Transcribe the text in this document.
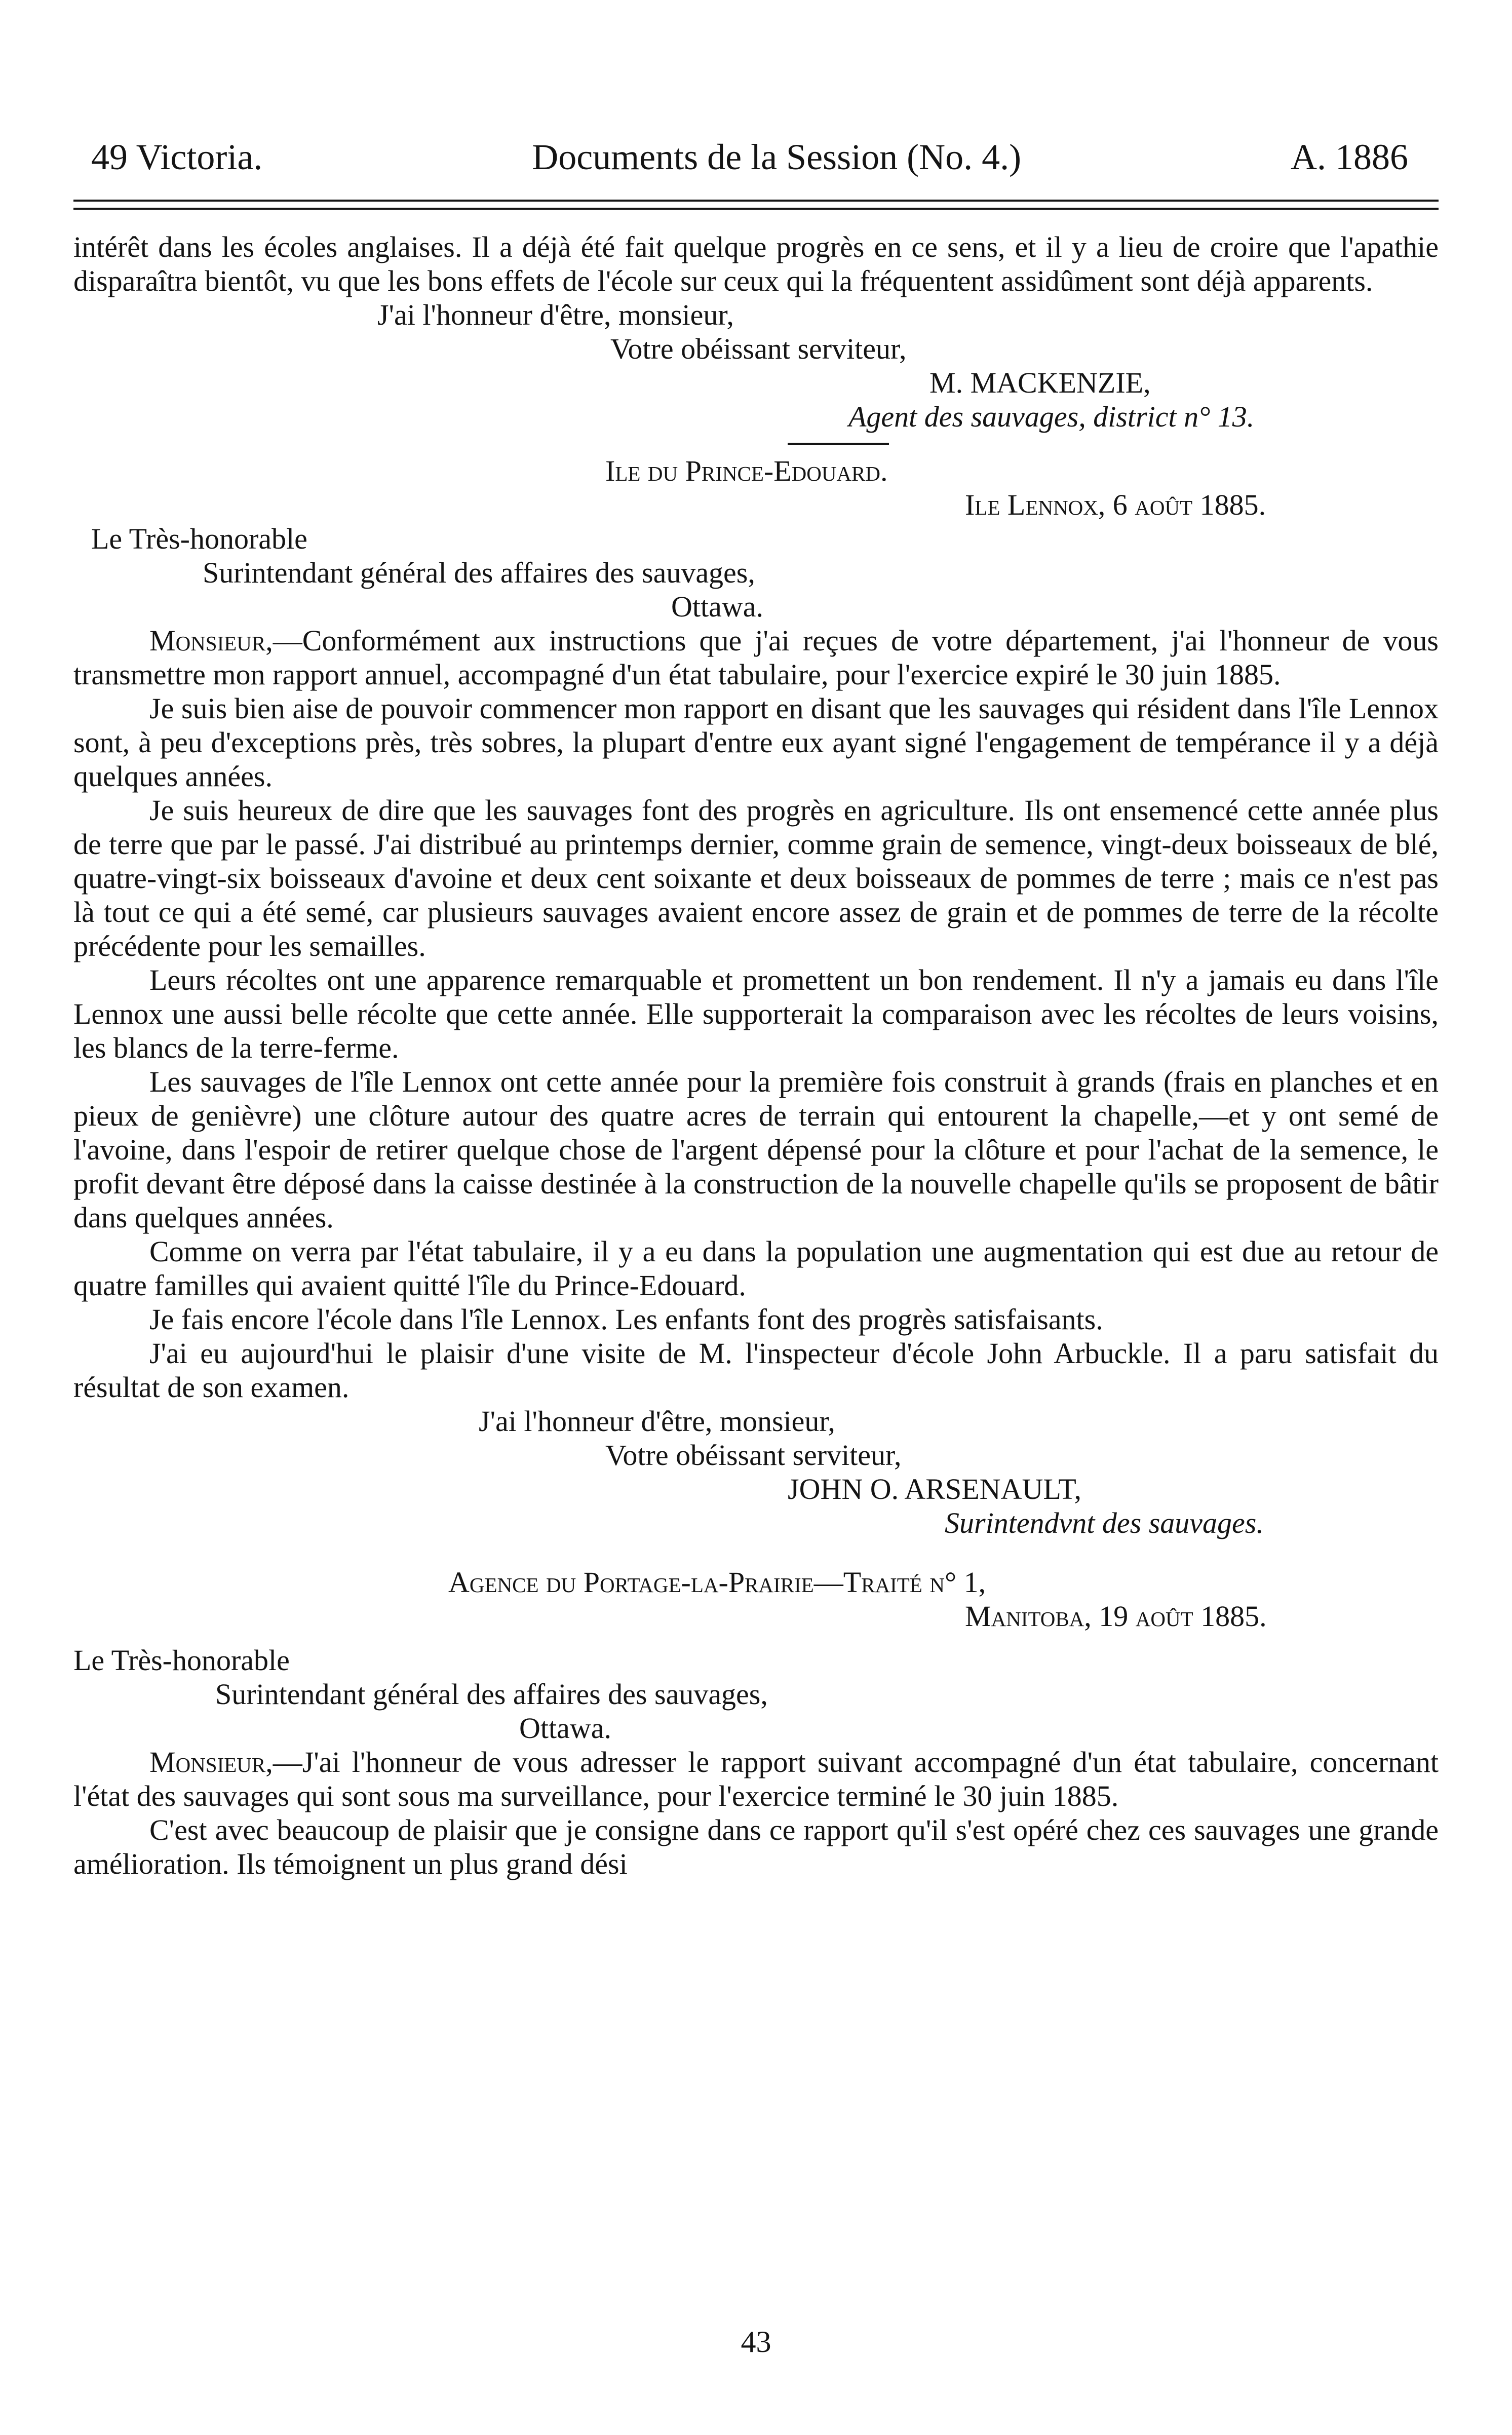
49 Victoria.	Documents de la Session (No. 4.)	A. 1886

intérêt dans les écoles anglaises. Il a déjà été fait quelque progrès en ce sens, et il y a lieu de croire que l'apathie disparaîtra bientôt, vu que les bons effets de l'école sur ceux qui la fréquentent assidûment sont déjà apparents.

J'ai l'honneur d'être, monsieur,

Votre obéissant serviteur,

M. MACKENZIE,

Agent des sauvages, district n° 13.

Ile du Prince-Edouard.

Ile Lennox, 6 août 1885.

Le Très-honorable

Surintendant général des affaires des sauvages,

Ottawa.

Monsieur,—Conformément aux instructions que j'ai reçues de votre département, j'ai l'honneur de vous transmettre mon rapport annuel, accompagné d'un état tabulaire, pour l'exercice expiré le 30 juin 1885.

Je suis bien aise de pouvoir commencer mon rapport en disant que les sauvages qui résident dans l'île Lennox sont, à peu d'exceptions près, très sobres, la plupart d'entre eux ayant signé l'engagement de tempérance il y a déjà quelques années.

Je suis heureux de dire que les sauvages font des progrès en agriculture. Ils ont ensemencé cette année plus de terre que par le passé. J'ai distribué au printemps dernier, comme grain de semence, vingt-deux boisseaux de blé, quatre-vingt-six boisseaux d'avoine et deux cent soixante et deux boisseaux de pommes de terre ; mais ce n'est pas là tout ce qui a été semé, car plusieurs sauvages avaient encore assez de grain et de pommes de terre de la récolte précédente pour les semailles.

Leurs récoltes ont une apparence remarquable et promettent un bon rendement. Il n'y a jamais eu dans l'île Lennox une aussi belle récolte que cette année. Elle supporterait la comparaison avec les récoltes de leurs voisins, les blancs de la terre-ferme.

Les sauvages de l'île Lennox ont cette année pour la première fois construit à grands (frais en planches et en pieux de genièvre) une clôture autour des quatre acres de terrain qui entourent la chapelle,—et y ont semé de l'avoine, dans l'espoir de retirer quelque chose de l'argent dépensé pour la clôture et pour l'achat de la semence, le profit devant être déposé dans la caisse destinée à la construction de la nouvelle chapelle qu'ils se proposent de bâtir dans quelques années.

Comme on verra par l'état tabulaire, il y a eu dans la population une augmentation qui est due au retour de quatre familles qui avaient quitté l'île du Prince-Edouard.

Je fais encore l'école dans l'île Lennox. Les enfants font des progrès satisfaisants.

J'ai eu aujourd'hui le plaisir d'une visite de M. l'inspecteur d'école John Arbuckle. Il a paru satisfait du résultat de son examen.

J'ai l'honneur d'être, monsieur,

Votre obéissant serviteur,

JOHN O. ARSENAULT,

Surintendvnt des sauvages.

Agence du Portage-la-Prairie—Traité n° 1,

Manitoba, 19 août 1885.

Le Très-honorable

Surintendant général des affaires des sauvages,

Ottawa.

Monsieur,—J'ai l'honneur de vous adresser le rapport suivant accompagné d'un état tabulaire, concernant l'état des sauvages qui sont sous ma surveillance, pour l'exercice terminé le 30 juin 1885.

C'est avec beaucoup de plaisir que je consigne dans ce rapport qu'il s'est opéré chez ces sauvages une grande amélioration. Ils témoignent un plus grand dési

43
